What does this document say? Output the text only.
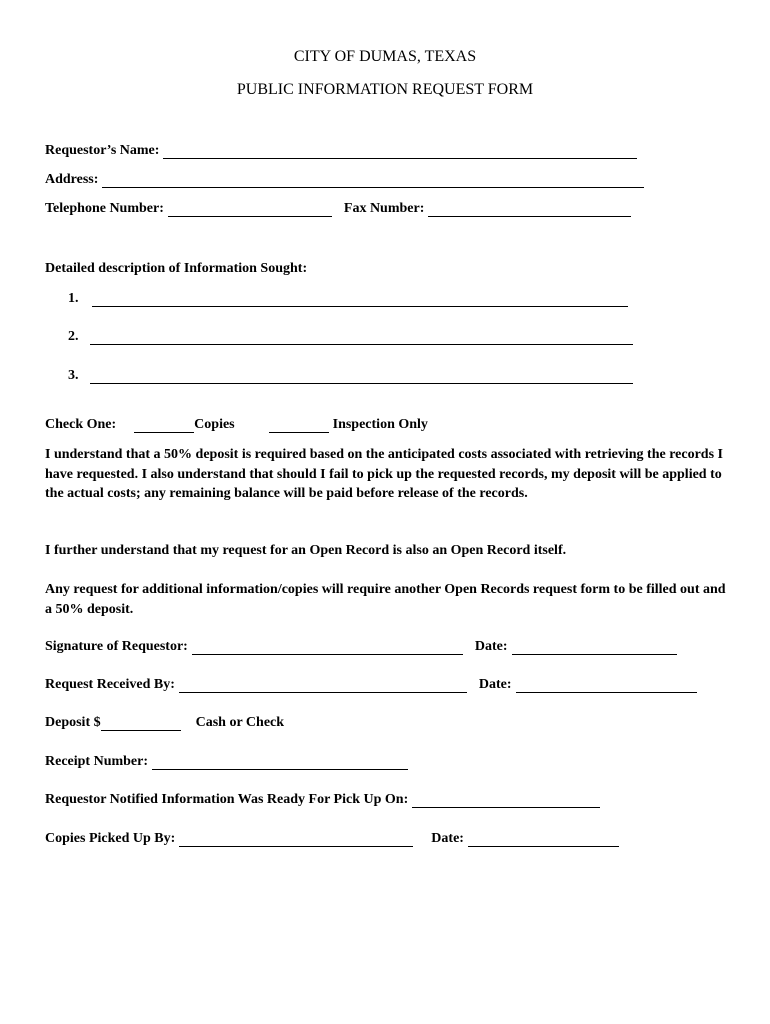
CITY OF DUMAS, TEXAS
PUBLIC INFORMATION REQUEST FORM
Requestor’s Name:
Address:
Telephone Number:	Fax Number:
Detailed description of Information Sought:
1.
2.
3.
Check One:	Copies	Inspection Only

I understand that a 50% deposit is required based on the anticipated costs associated with retrieving the records I have requested. I also understand that should I fail to pick up the requested records, my deposit will be applied to the actual costs; any remaining balance will be paid before release of the records.

I further understand that my request for an Open Record is also an Open Record itself.

Any request for additional information/copies will require another Open Records request form to be filled out and a 50% deposit.

Signature of Requestor:	Date:
Request Received By:	Date:
Deposit $	Cash or Check
Receipt Number:
Requestor Notified Information Was Ready For Pick Up On:
Copies Picked Up By:	Date:
